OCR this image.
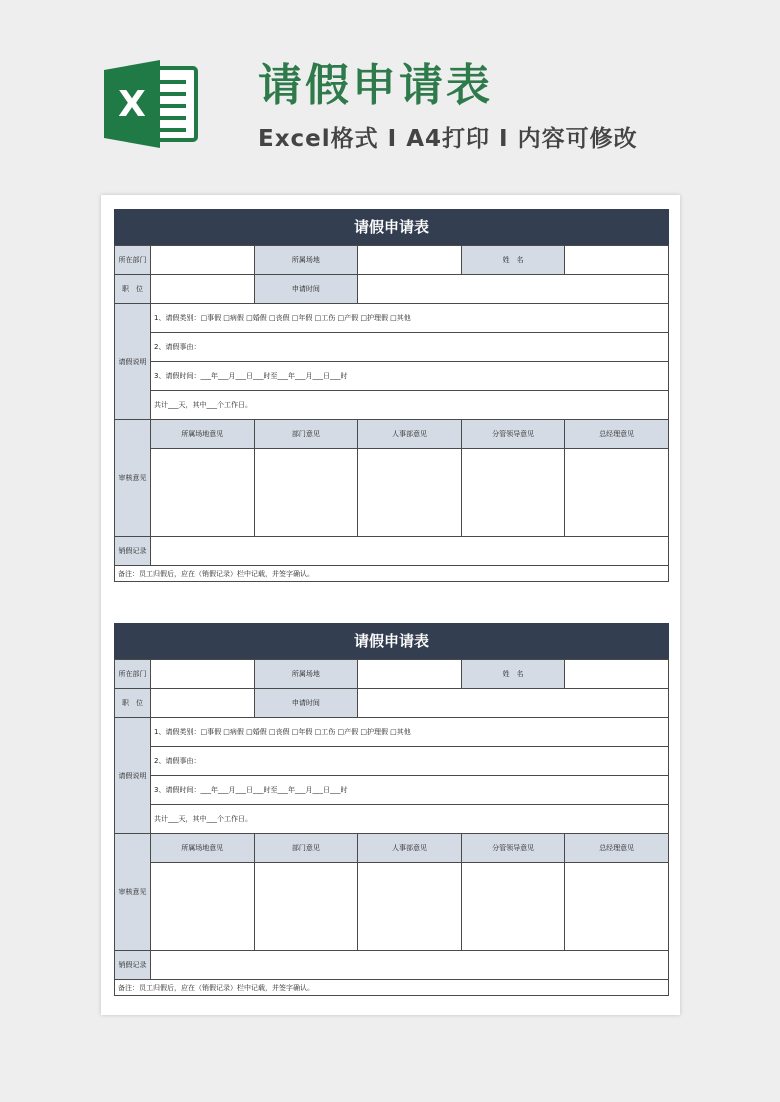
X	请假申请表
Excel格式 I A4打印 I 内容可修改
请假申请表
所在部门		所属场地		姓　名	
职　位		申请时间			
请假说明	1、请假类别：□事假 □病假 □婚假 □丧假 □年假 □工伤 □产假 □护理假 □其他				
	2、请假事由：				
	3、请假时间：___年___月___日___时至___年___月___日___时				
	共计___天，其中___个工作日。				
审核意见	所属场地意见	部门意见	人事部意见	分管领导意见	总经理意见

销假记录					
备注：员工归假后，应在（销假记录）栏中记载，并签字确认。
请假申请表
所在部门		所属场地		姓　名	
职　位		申请时间			
请假说明	1、请假类别：□事假 □病假 □婚假 □丧假 □年假 □工伤 □产假 □护理假 □其他				
	2、请假事由：				
	3、请假时间：___年___月___日___时至___年___月___日___时				
	共计___天，其中___个工作日。				
审核意见	所属场地意见	部门意见	人事部意见	分管领导意见	总经理意见

销假记录					
备注：员工归假后，应在（销假记录）栏中记载，并签字确认。
